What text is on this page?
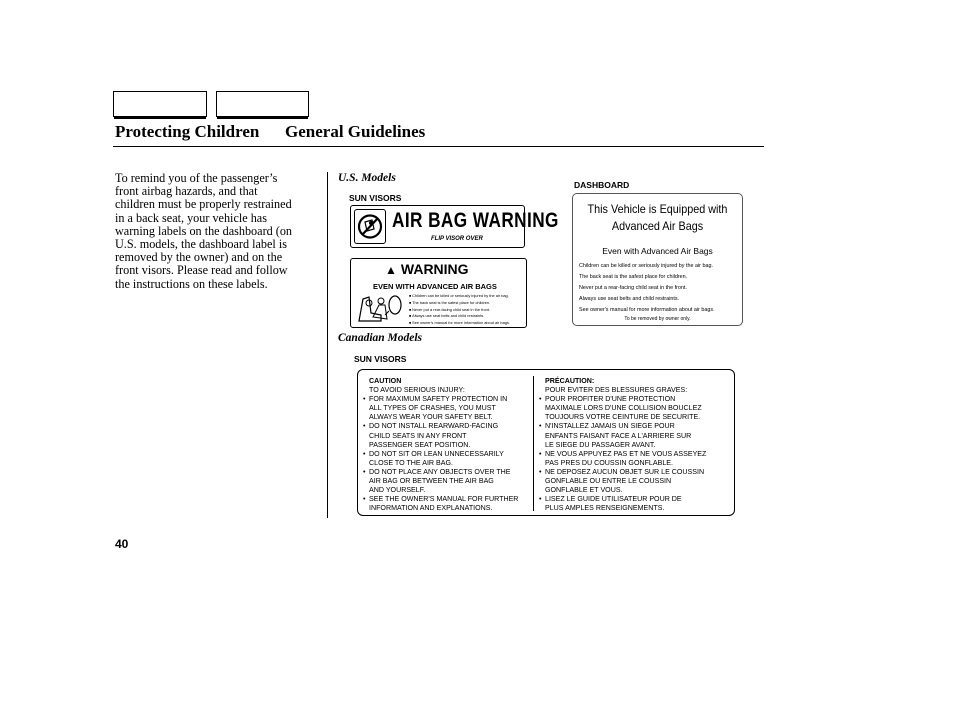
Protecting Children General Guidelines
To remind you of the passenger’s
front airbag hazards, and that
children must be properly restrained
in a back seat, your vehicle has
warning labels on the dashboard (on
U.S. models, the dashboard label is
removed by the owner) and on the
front visors. Please read and follow
the instructions on these labels.
U.S. Models
SUN VISORS
DASHBOARD
AIR BAG WARNING
FLIP VISOR OVER
▲ WARNING
EVEN WITH ADVANCED AIR BAGS
■ Children can be killed or seriously injured by the air bag.
■ The back seat is the safest place for children.
■ Never put a rear-facing child seat in the front.
■ Always use seat belts and child restraints.
■ See owner's manual for more information about air bags.
This Vehicle is Equipped with
Advanced Air Bags
Even with Advanced Air Bags
Children can be killed or seriously injured by the air bag.
The back seat is the safest place for children.
Never put a rear-facing child seat in the front.
Always use seat belts and child restraints.
See owner's manual for more information about air bags.
To be removed by owner only.
Canadian Models
SUN VISORS
CAUTION
TO AVOID SERIOUS INJURY:
• FOR MAXIMUM SAFETY PROTECTION IN
ALL TYPES OF CRASHES, YOU MUST
ALWAYS WEAR YOUR SAFETY BELT.
• DO NOT INSTALL REARWARD-FACING
CHILD SEATS IN ANY FRONT
PASSENGER SEAT POSITION.
• DO NOT SIT OR LEAN UNNECESSARILY
CLOSE TO THE AIR BAG.
• DO NOT PLACE ANY OBJECTS OVER THE
AIR BAG OR BETWEEN THE AIR BAG
AND YOURSELF.
• SEE THE OWNER'S MANUAL FOR FURTHER
INFORMATION AND EXPLANATIONS.
PRÉCAUTION:
POUR EVITER DES BLESSURES GRAVES:
• POUR PROFITER D'UNE PROTECTION
MAXIMALE LORS D'UNE COLLISION BOUCLEZ
TOUJOURS VOTRE CEINTURE DE SECURITE.
• N'INSTALLEZ JAMAIS UN SIEGE POUR
ENFANTS FAISANT FACE A L'ARRIERE SUR
LE SIEGE DU PASSAGER AVANT.
• NE VOUS APPUYEZ PAS ET NE VOUS ASSEYEZ
PAS PRES DU COUSSIN GONFLABLE.
• NE DEPOSEZ AUCUN OBJET SUR LE COUSSIN
GONFLABLE OU ENTRE LE COUSSIN
GONFLABLE ET VOUS.
• LISEZ LE GUIDE UTILISATEUR POUR DE
PLUS AMPLES RENSEIGNEMENTS.
40
